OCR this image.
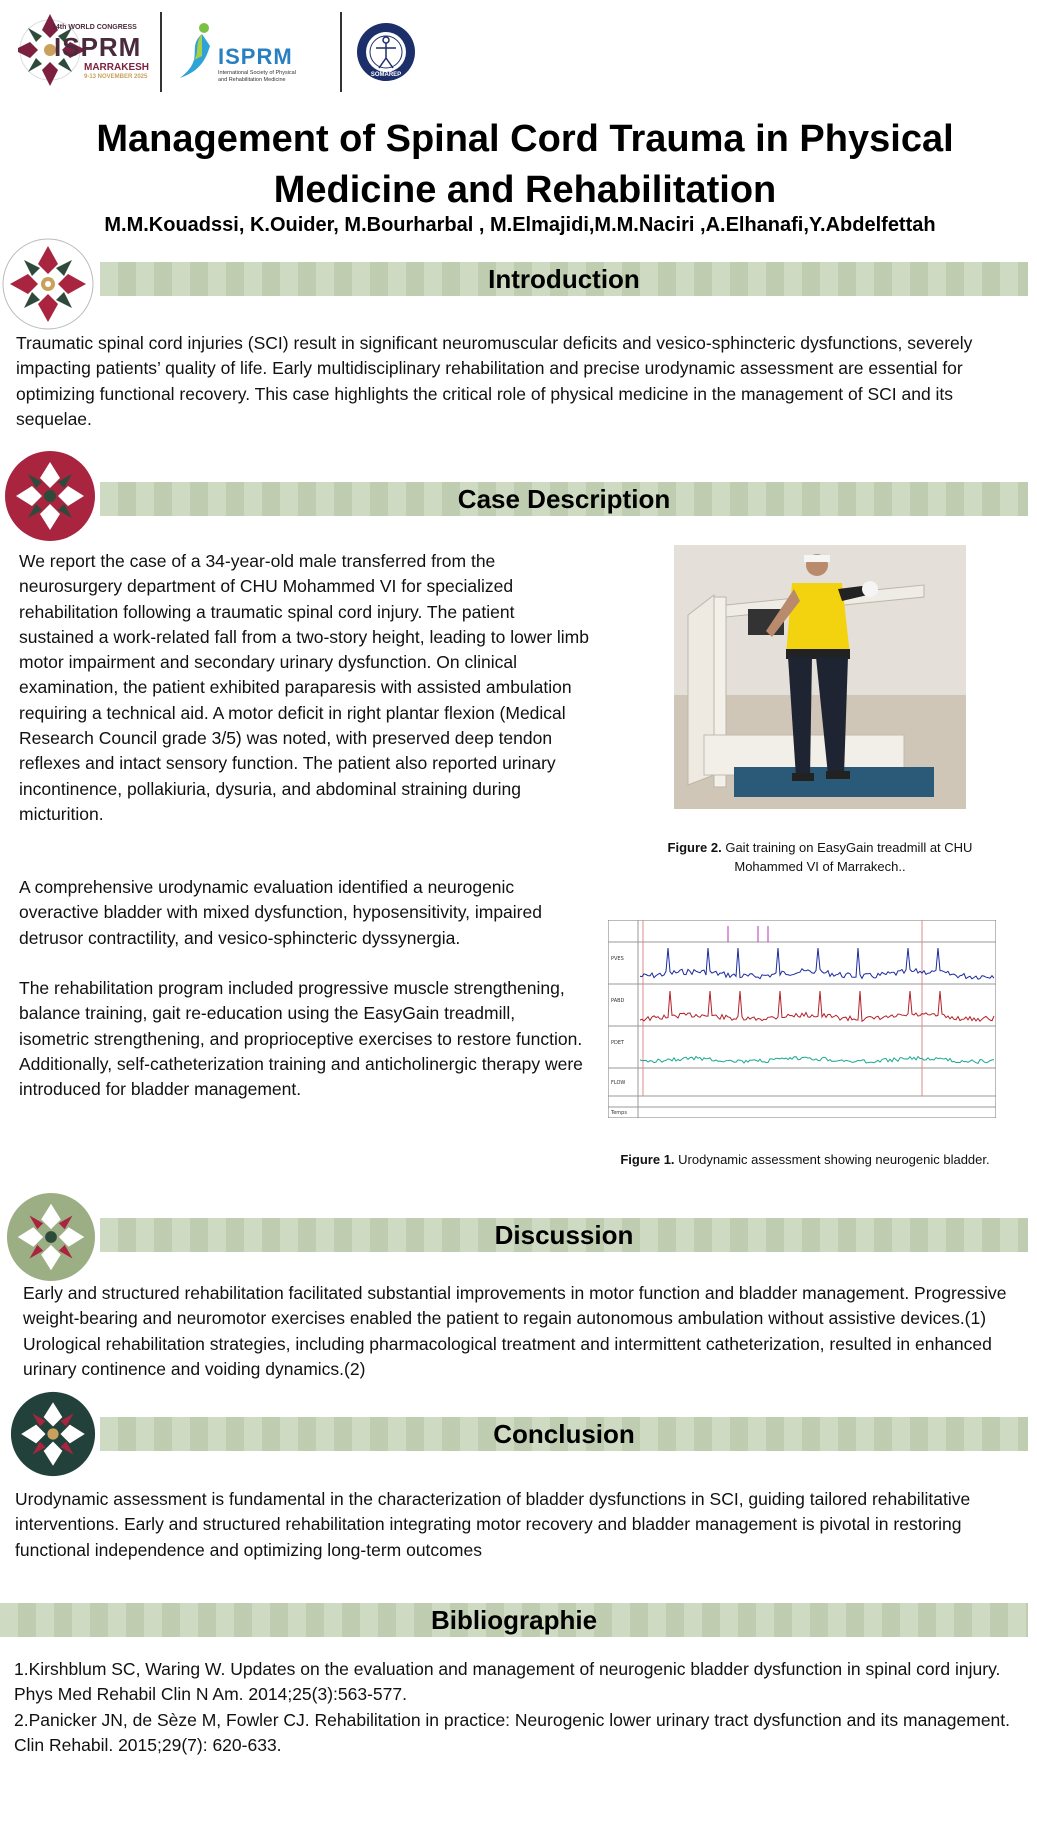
14th WORLD CONGRESS
ISPRM
MARRAKESH
9-13 NOVEMBER 2025
ISPRM
International Society of Physical
and Rehabilitation Medicine
SOMAREP
Management of Spinal Cord Trauma in Physical Medicine and Rehabilitation
M.M.Kouadssi, K.Ouider, M.Bourharbal , M.Elmajidi,M.M.Naciri ,A.Elhanafi,Y.Abdelfettah
Introduction
Traumatic spinal cord injuries (SCI) result in significant neuromuscular deficits and vesico-sphincteric dysfunctions, severely impacting patients’ quality of life. Early multidisciplinary rehabilitation and precise urodynamic assessment are essential for optimizing functional recovery. This case highlights the critical role of physical medicine in the management of SCI and its sequelae.
Case Description
We report the case of a 34-year-old male transferred from the neurosurgery department of CHU Mohammed VI for specialized rehabilitation following a traumatic spinal cord injury. The patient sustained a work-related fall from a two-story height, leading to lower limb motor impairment and secondary urinary dysfunction. On clinical examination, the patient exhibited paraparesis with assisted ambulation requiring a technical aid. A motor deficit in right plantar flexion (Medical Research Council grade 3/5) was noted, with preserved deep tendon reflexes and intact sensory function. The patient also reported urinary incontinence, pollakiuria, dysuria, and abdominal straining during micturition.
A comprehensive urodynamic evaluation identified a neurogenic overactive bladder with mixed dysfunction, hyposensitivity, impaired detrusor contractility, and vesico-sphincteric dyssynergia.
The rehabilitation program included progressive muscle strengthening, balance training, gait re-education using the EasyGain treadmill, isometric strengthening, and proprioceptive exercises to restore function. Additionally, self-catheterization training and anticholinergic therapy were introduced for bladder management.
Figure 2. Gait training on EasyGain treadmill at CHU Mohammed VI of Marrakech..
PVES
PABD
PDET
FLOW
Temps
Figure 1. Urodynamic assessment showing neurogenic bladder.
Discussion
Early and structured rehabilitation facilitated substantial improvements in motor function and bladder management. Progressive weight-bearing and neuromotor exercises enabled the patient to regain autonomous ambulation without assistive devices.(1) Urological rehabilitation strategies, including pharmacological treatment and intermittent catheterization, resulted in enhanced urinary continence and voiding dynamics.(2)
Conclusion
Urodynamic assessment is fundamental in the characterization of bladder dysfunctions in SCI, guiding tailored rehabilitative interventions. Early and structured rehabilitation integrating motor recovery and bladder management is pivotal in restoring functional independence and optimizing long-term outcomes
Bibliographie
1.Kirshblum SC, Waring W. Updates on the evaluation and management of neurogenic bladder dysfunction in spinal cord injury. Phys Med Rehabil Clin N Am. 2014;25(3):563-577.
2.Panicker JN, de Sèze M, Fowler CJ. Rehabilitation in practice: Neurogenic lower urinary tract dysfunction and its management. Clin Rehabil. 2015;29(7): 620-633.
